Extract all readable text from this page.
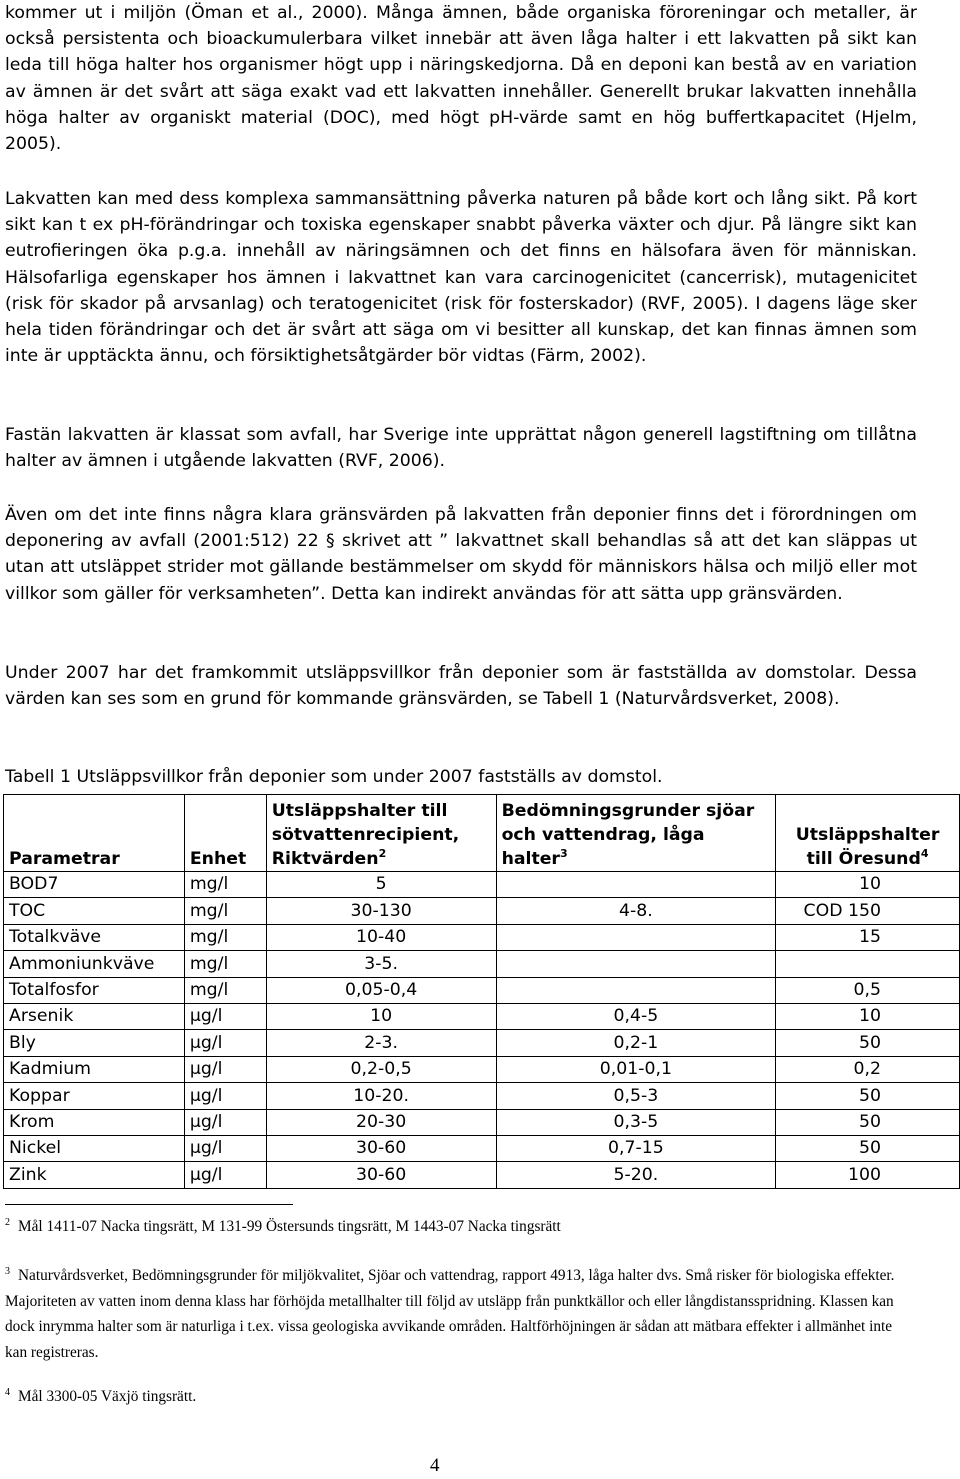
kommer ut i miljön (Öman et al., 2000). Många ämnen, både organiska föroreningar och metaller, är också persistenta och bioackumulerbara vilket innebär att även låga halter i ett lakvatten på sikt kan leda till höga halter hos organismer högt upp i näringskedjorna. Då en deponi kan bestå av en variation av ämnen är det svårt att säga exakt vad ett lakvatten innehåller. Generellt brukar lakvatten innehålla höga halter av organiskt material (DOC), med högt pH-värde samt en hög buffertkapacitet (Hjelm, 2005).

Lakvatten kan med dess komplexa sammansättning påverka naturen på både kort och lång sikt. På kort sikt kan t ex pH-förändringar och toxiska egenskaper snabbt påverka växter och djur. På längre sikt kan eutrofieringen öka p.g.a. innehåll av näringsämnen och det finns en hälsofara även för människan. Hälsofarliga egenskaper hos ämnen i lakvattnet kan vara carcinogenicitet (cancerrisk), mutagenicitet (risk för skador på arvsanlag) och teratogenicitet (risk för fosterskador) (RVF, 2005). I dagens läge sker hela tiden förändringar och det är svårt att säga om vi besitter all kunskap, det kan finnas ämnen som inte är upptäckta ännu, och försiktighetsåtgärder bör vidtas (Färm, 2002).

Fastän lakvatten är klassat som avfall, har Sverige inte upprättat någon generell lagstiftning om tillåtna halter av ämnen i utgående lakvatten (RVF, 2006).

Även om det inte finns några klara gränsvärden på lakvatten från deponier finns det i förordningen om deponering av avfall (2001:512) 22 § skrivet att ” lakvattnet skall behandlas så att det kan släppas ut utan att utsläppet strider mot gällande bestämmelser om skydd för människors hälsa och miljö eller mot villkor som gäller för verksamheten”. Detta kan indirekt användas för att sätta upp gränsvärden.

Under 2007 har det framkommit utsläppsvillkor från deponier som är fastställda av domstolar. Dessa värden kan ses som en grund för kommande gränsvärden, se Tabell 1 (Naturvårdsverket, 2008).

Tabell 1 Utsläppsvillkor från deponier som under 2007 fastställs av domstol.

Parametrar	Enhet	Utsläppshalter till sötvattenrecipient, Riktvärden$^2$	Bedömningsgrunder sjöar och vattendrag, låga halter$^3$	Utsläppshalter till Öresund$^4$
BOD7	mg/l	5		10
TOC	mg/l	30-130	4-8.	COD 150
Totalkväve	mg/l	10-40		15
Ammoniunkväve	mg/l	3-5.		
Totalfosfor	mg/l	0,05-0,4		0,5
Arsenik	µg/l	10	0,4-5	10
Bly	µg/l	2-3.	0,2-1	50
Kadmium	µg/l	0,2-0,5	0,01-0,1	0,2
Koppar	µg/l	10-20.	0,5-3	50
Krom	µg/l	20-30	0,3-5	50
Nickel	µg/l	30-60	0,7-15	50
Zink	µg/l	30-60	5-20.	100

$^2$ Mål 1411-07 Nacka tingsrätt, M 131-99 Östersunds tingsrätt, M 1443-07 Nacka tingsrätt

$^3$ Naturvårdsverket, Bedömningsgrunder för miljökvalitet, Sjöar och vattendrag, rapport 4913, låga halter dvs. Små risker för biologiska effekter. Majoriteten av vatten inom denna klass har förhöjda metallhalter till följd av utsläpp från punktkällor och eller långdistansspridning. Klassen kan dock inrymma halter som är naturliga i t.ex. vissa geologiska avvikande områden. Haltförhöjningen är sådan att mätbara effekter i allmänhet inte kan registreras.

$^4$ Mål 3300-05 Växjö tingsrätt.

4
